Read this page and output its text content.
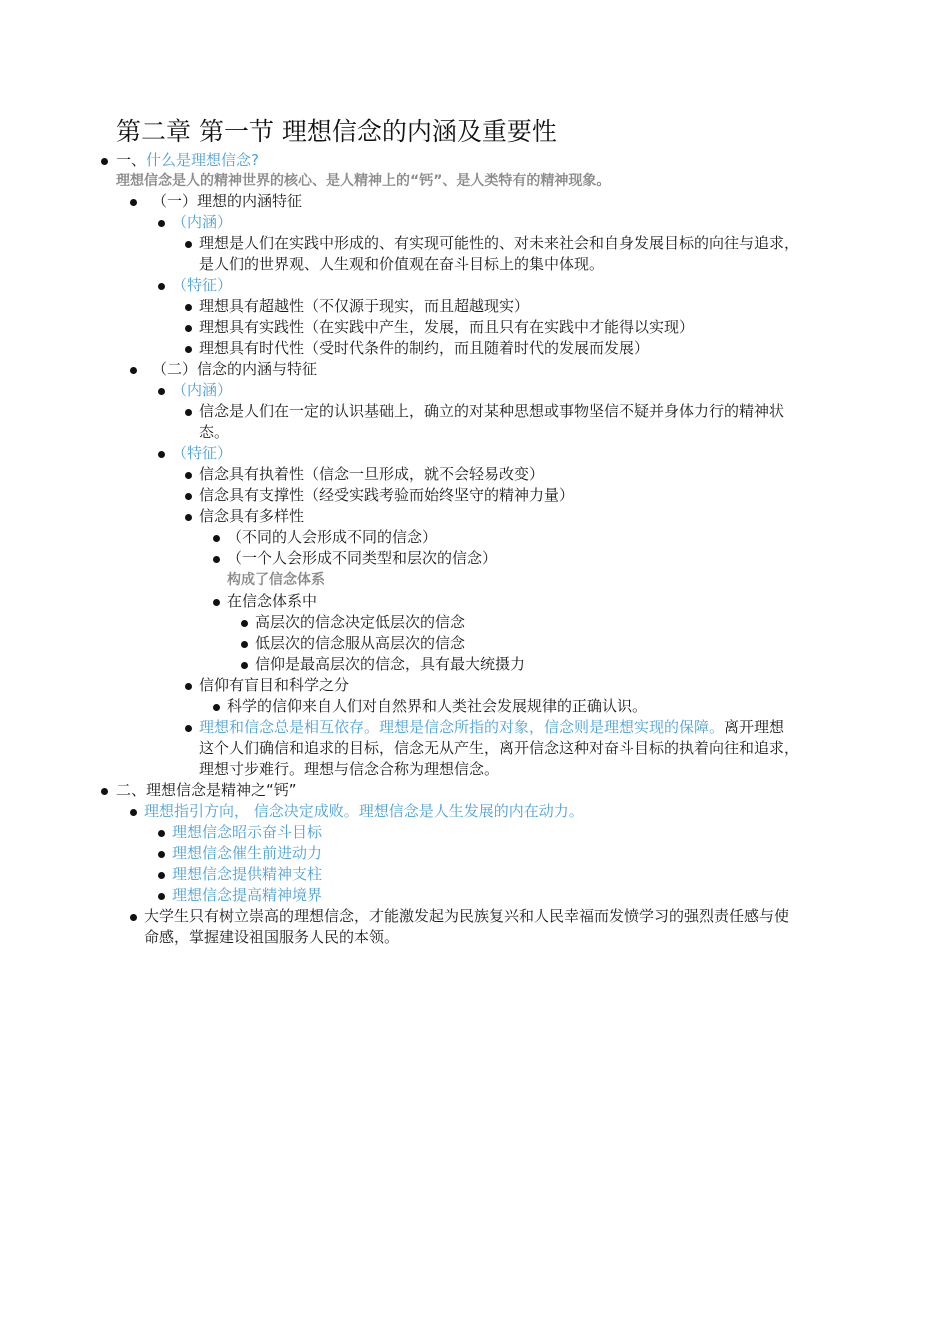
第二章 第一节 理想信念的内涵及重要性
一、什么是理想信念?
理想信念是人的精神世界的核心、是人精神上的“钙”、是人类特有的精神现象。
（一）理想的内涵特征
（内涵）
理想是人们在实践中形成的、有实现可能性的、对未来社会和自身发展目标的向往与追求，
是人们的世界观、人生观和价值观在奋斗目标上的集中体现。
（特征）
理想具有超越性（不仅源于现实，而且超越现实）
理想具有实践性（在实践中产生，发展，而且只有在实践中才能得以实现）
理想具有时代性（受时代条件的制约，而且随着时代的发展而发展）
（二）信念的内涵与特征
（内涵）
信念是人们在一定的认识基础上，确立的对某种思想或事物坚信不疑并身体力行的精神状
态。
（特征）
信念具有执着性（信念一旦形成，就不会轻易改变）
信念具有支撑性（经受实践考验而始终坚守的精神力量）
信念具有多样性
（不同的人会形成不同的信念）
（一个人会形成不同类型和层次的信念）
构成了信念体系
在信念体系中
高层次的信念决定低层次的信念
低层次的信念服从高层次的信念
信仰是最高层次的信念，具有最大统摄力
信仰有盲目和科学之分
科学的信仰来自人们对自然界和人类社会发展规律的正确认识。
理想和信念总是相互依存。理想是信念所指的对象，信念则是理想实现的保障。离开理想
这个人们确信和追求的目标，信念无从产生，离开信念这种对奋斗目标的执着向往和追求，
理想寸步难行。理想与信念合称为理想信念。
二、理想信念是精神之“钙”
理想指引方向， 信念决定成败。理想信念是人生发展的内在动力。
理想信念昭示奋斗目标
理想信念催生前进动力
理想信念提供精神支柱
理想信念提高精神境界
大学生只有树立崇高的理想信念，才能激发起为民族复兴和人民幸福而发愤学习的强烈责任感与使
命感，掌握建设祖国服务人民的本领。
